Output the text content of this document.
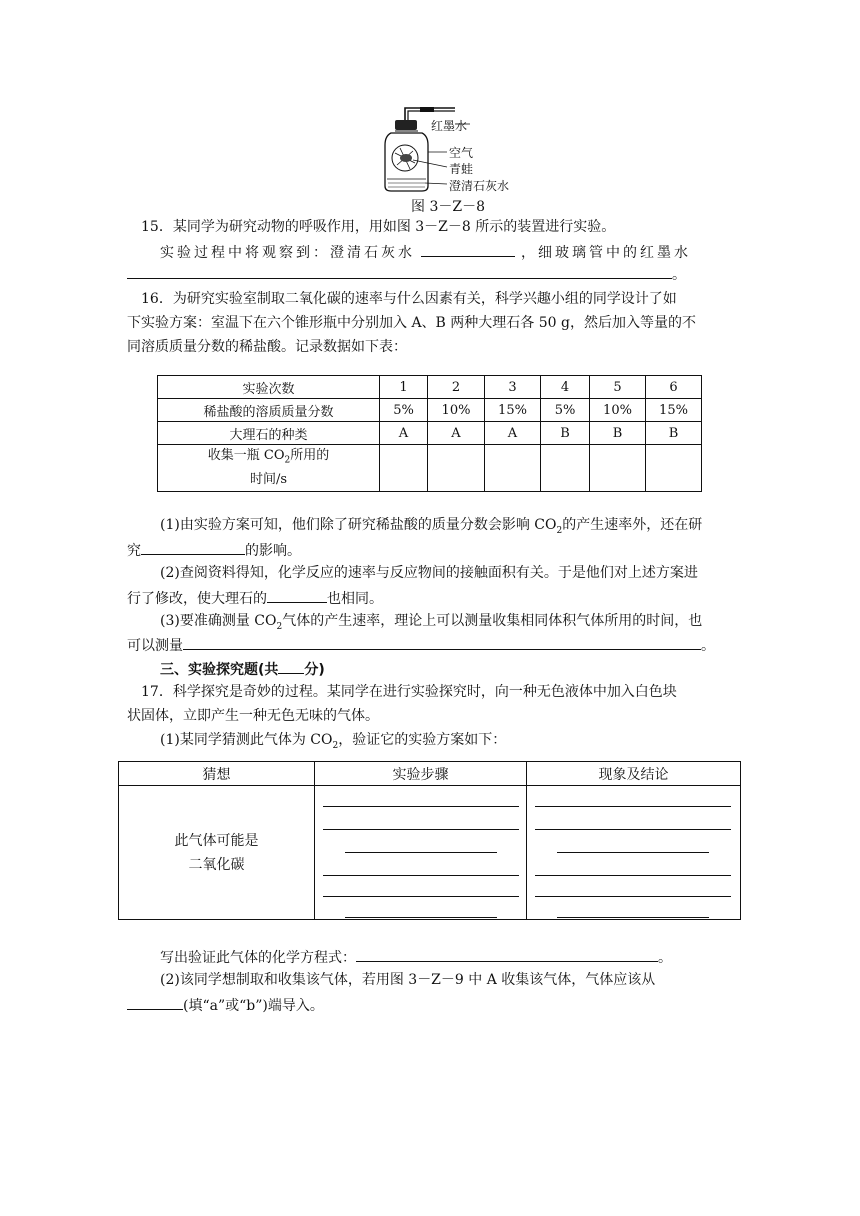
红墨水
空气
青蛙
澄清石灰水
图 3－Z－8
15．某同学为研究动物的呼吸作用，用如图 3－Z－8 所示的装置进行实验。
实验过程中将观察到：澄清石灰水	，细玻璃管中的红墨水
。
16．为研究实验室制取二氧化碳的速率与什么因素有关，科学兴趣小组的同学设计了如
下实验方案：室温下在六个锥形瓶中分别加入 A、B 两种大理石各 50 g，然后加入等量的不
同溶质质量分数的稀盐酸。记录数据如下表：
实验次数	1	2	3	4	5	6
稀盐酸的溶质质量分数	5%	10%	15%	5%	10%	15%
大理石的种类	A	A	A	B	B	B
收集一瓶 $CO_2$所用的
时间/s						
(1)由实验方案可知，他们除了研究稀盐酸的质量分数会影响 $CO_2$的产生速率外，还在研
究	的影响。
(2)查阅资料得知，化学反应的速率与反应物间的接触面积有关。于是他们对上述方案进
行了修改，使大理石的	也相同。
(3)要准确测量 $CO_2$气体的产生速率，理论上可以测量收集相同体积气体所用的时间，也
可以测量	。
三、实验探究题(共 分)
17．科学探究是奇妙的过程。某同学在进行实验探究时，向一种无色液体中加入白色块
状固体，立即产生一种无色无味的气体。
(1)某同学猜测此气体为 $CO_2$，验证它的实验方案如下：
猜想	实验步骤	现象及结论
此气体可能是
二氧化碳	

写出验证此气体的化学方程式：	。
(2)该同学想制取和收集该气体，若用图 3－Z－9 中 A 收集该气体，气体应该从
(填“a”或“b”)端导入。
